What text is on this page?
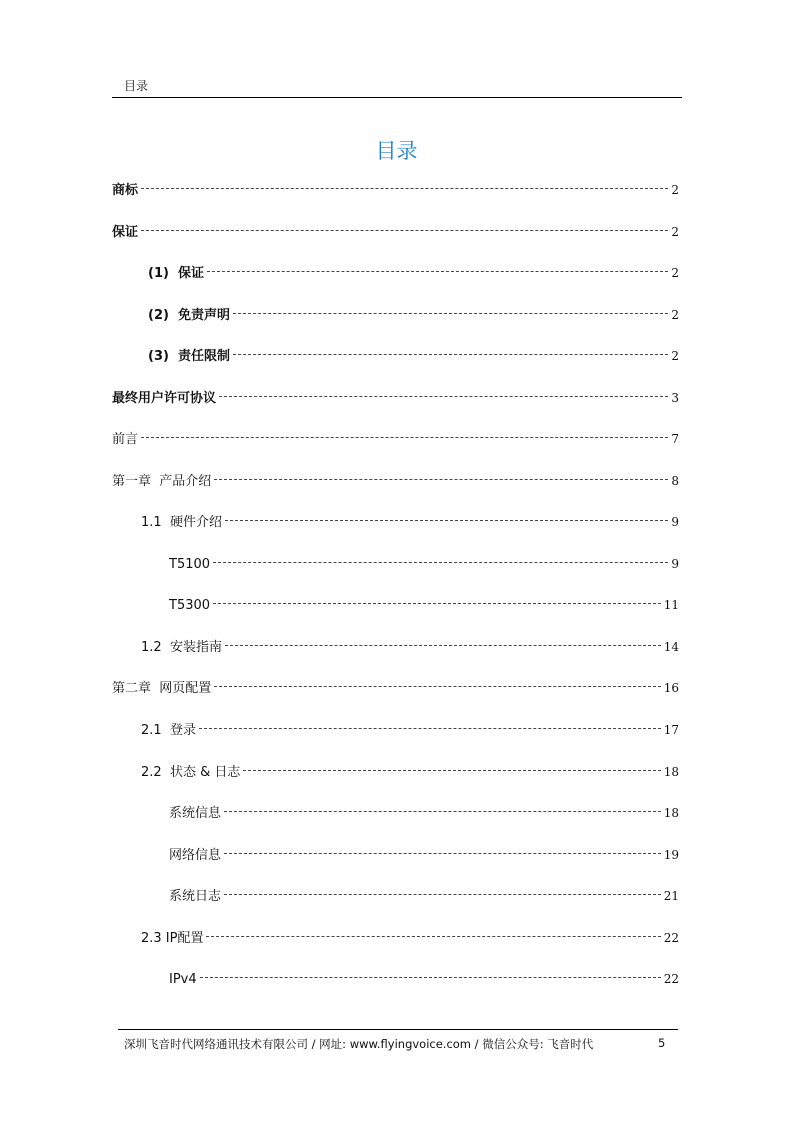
目录
目录
商标	2
保证	2
(1)  保证	2
(2)  免责声明	2
(3)  责任限制	2
最终用户许可协议	3
前言	7
第一章  产品介绍	8
1.1  硬件介绍	9
T5100	9
T5300	11
1.2  安装指南	14
第二章  网页配置	16
2.1  登录	17
2.2  状态 & 日志	18
系统信息	18
网络信息	19
系统日志	21
2.3 IP配置	22
IPv4	22
深圳飞音时代网络通讯技术有限公司 / 网址: www.flyingvoice.com / 微信公众号: 飞音时代	5
